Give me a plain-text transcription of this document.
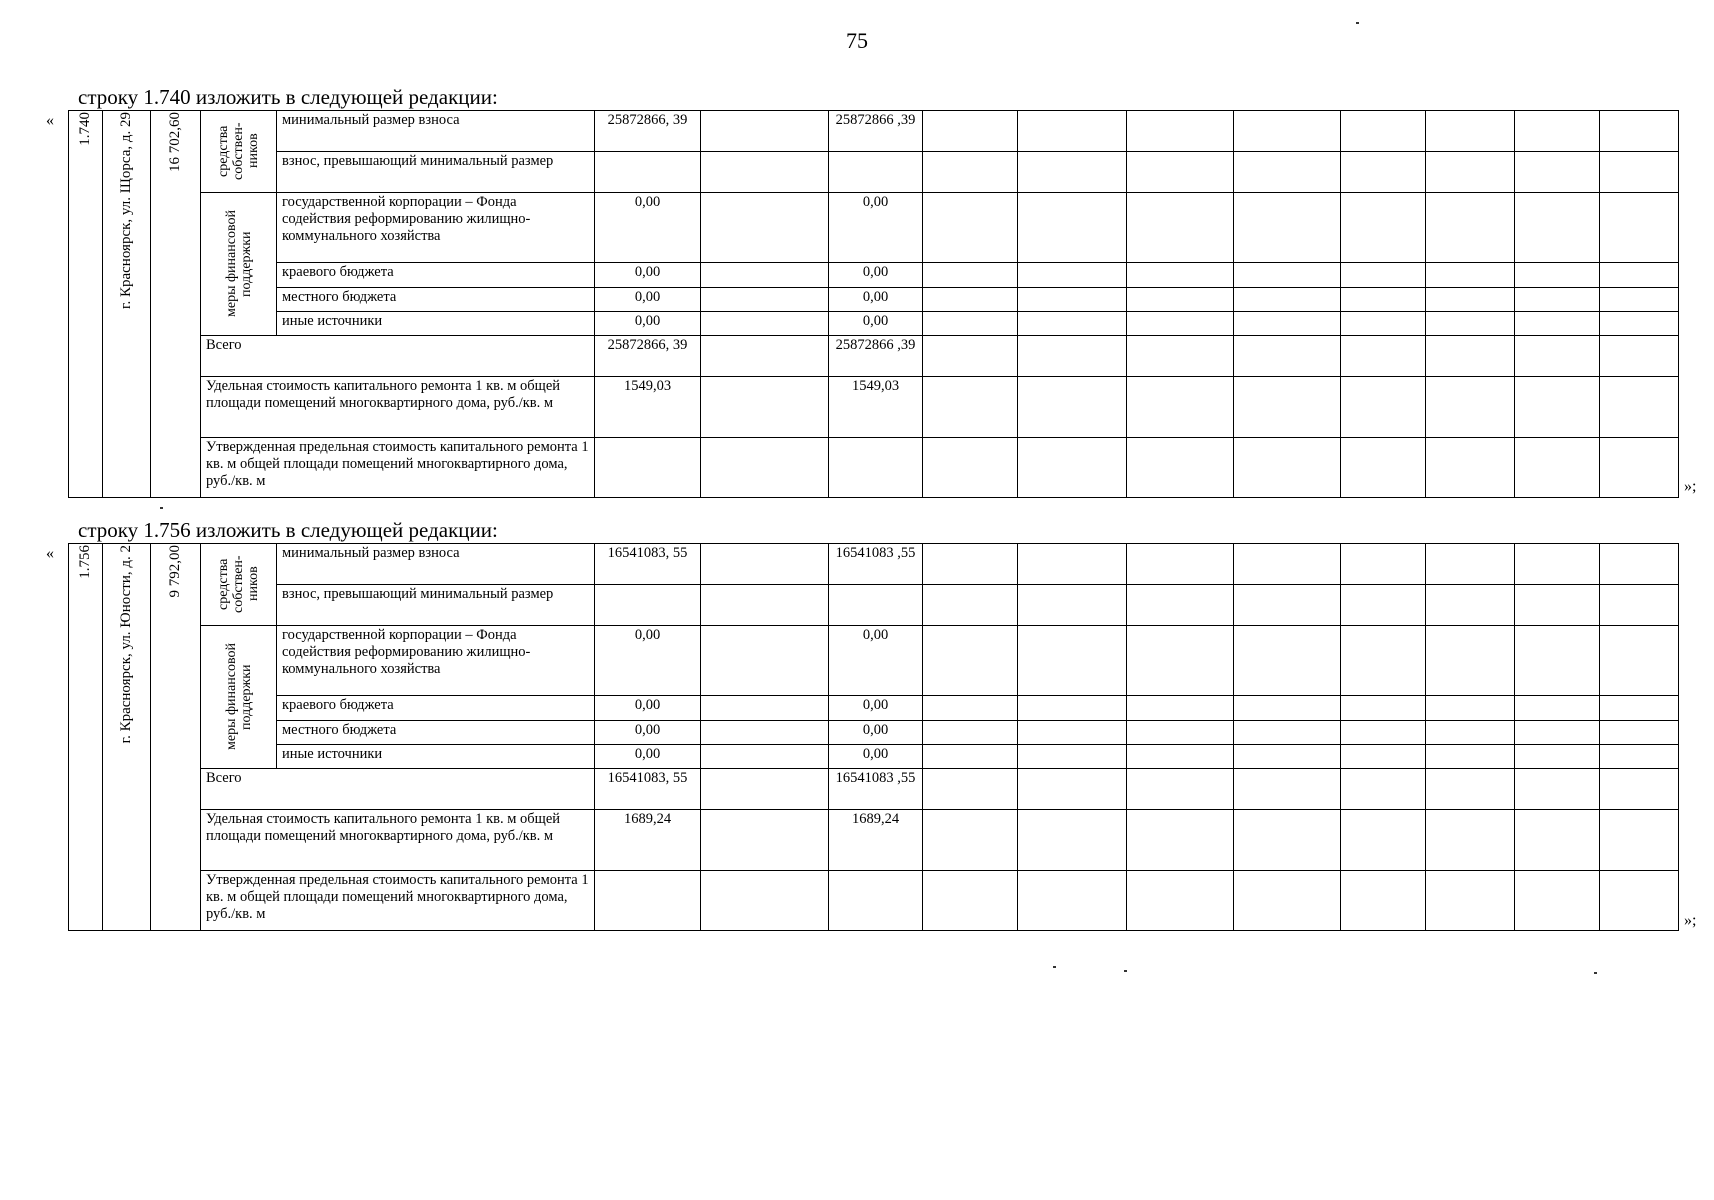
75
строку 1.740 изложить в следующей редакции:
«
»;
1.740	г. Красноярск, ул. Щорса, д. 29	16 702,60	средства собствен-ников	минимальный размер взноса	25872866, 39		25872866 ,39								
				взнос, превышающий минимальный размер											

			меры финансовой поддержки	государственной корпорации – Фонда содействия реформированию жилищно-коммунального хозяйства	0,00		0,00								
				краевого бюджета	0,00		0,00								
				местного бюджета	0,00		0,00								
				иные источники	0,00		0,00								
			Всего		25872866, 39		25872866 ,39								
			Удельная стоимость капитального ремонта 1 кв. м общей площади помещений многоквартирного дома, руб./кв. м		1549,03		1549,03								
			Утвержденная предельная стоимость капитального ремонта 1 кв. м общей площади помещений многоквартирного дома, руб./кв. м												
строку 1.756 изложить в следующей редакции:
«
»;
1.756	г. Красноярск, ул. Юности, д. 2	9 792,00	средства собствен-ников	минимальный размер взноса	16541083, 55		16541083 ,55								
				взнос, превышающий минимальный размер											

			меры финансовой поддержки	государственной корпорации – Фонда содействия реформированию жилищно-коммунального хозяйства	0,00		0,00								
				краевого бюджета	0,00		0,00								
				местного бюджета	0,00		0,00								
				иные источники	0,00		0,00								
			Всего		16541083, 55		16541083 ,55								
			Удельная стоимость капитального ремонта 1 кв. м общей площади помещений многоквартирного дома, руб./кв. м		1689,24		1689,24								
			Утвержденная предельная стоимость капитального ремонта 1 кв. м общей площади помещений многоквартирного дома, руб./кв. м												
